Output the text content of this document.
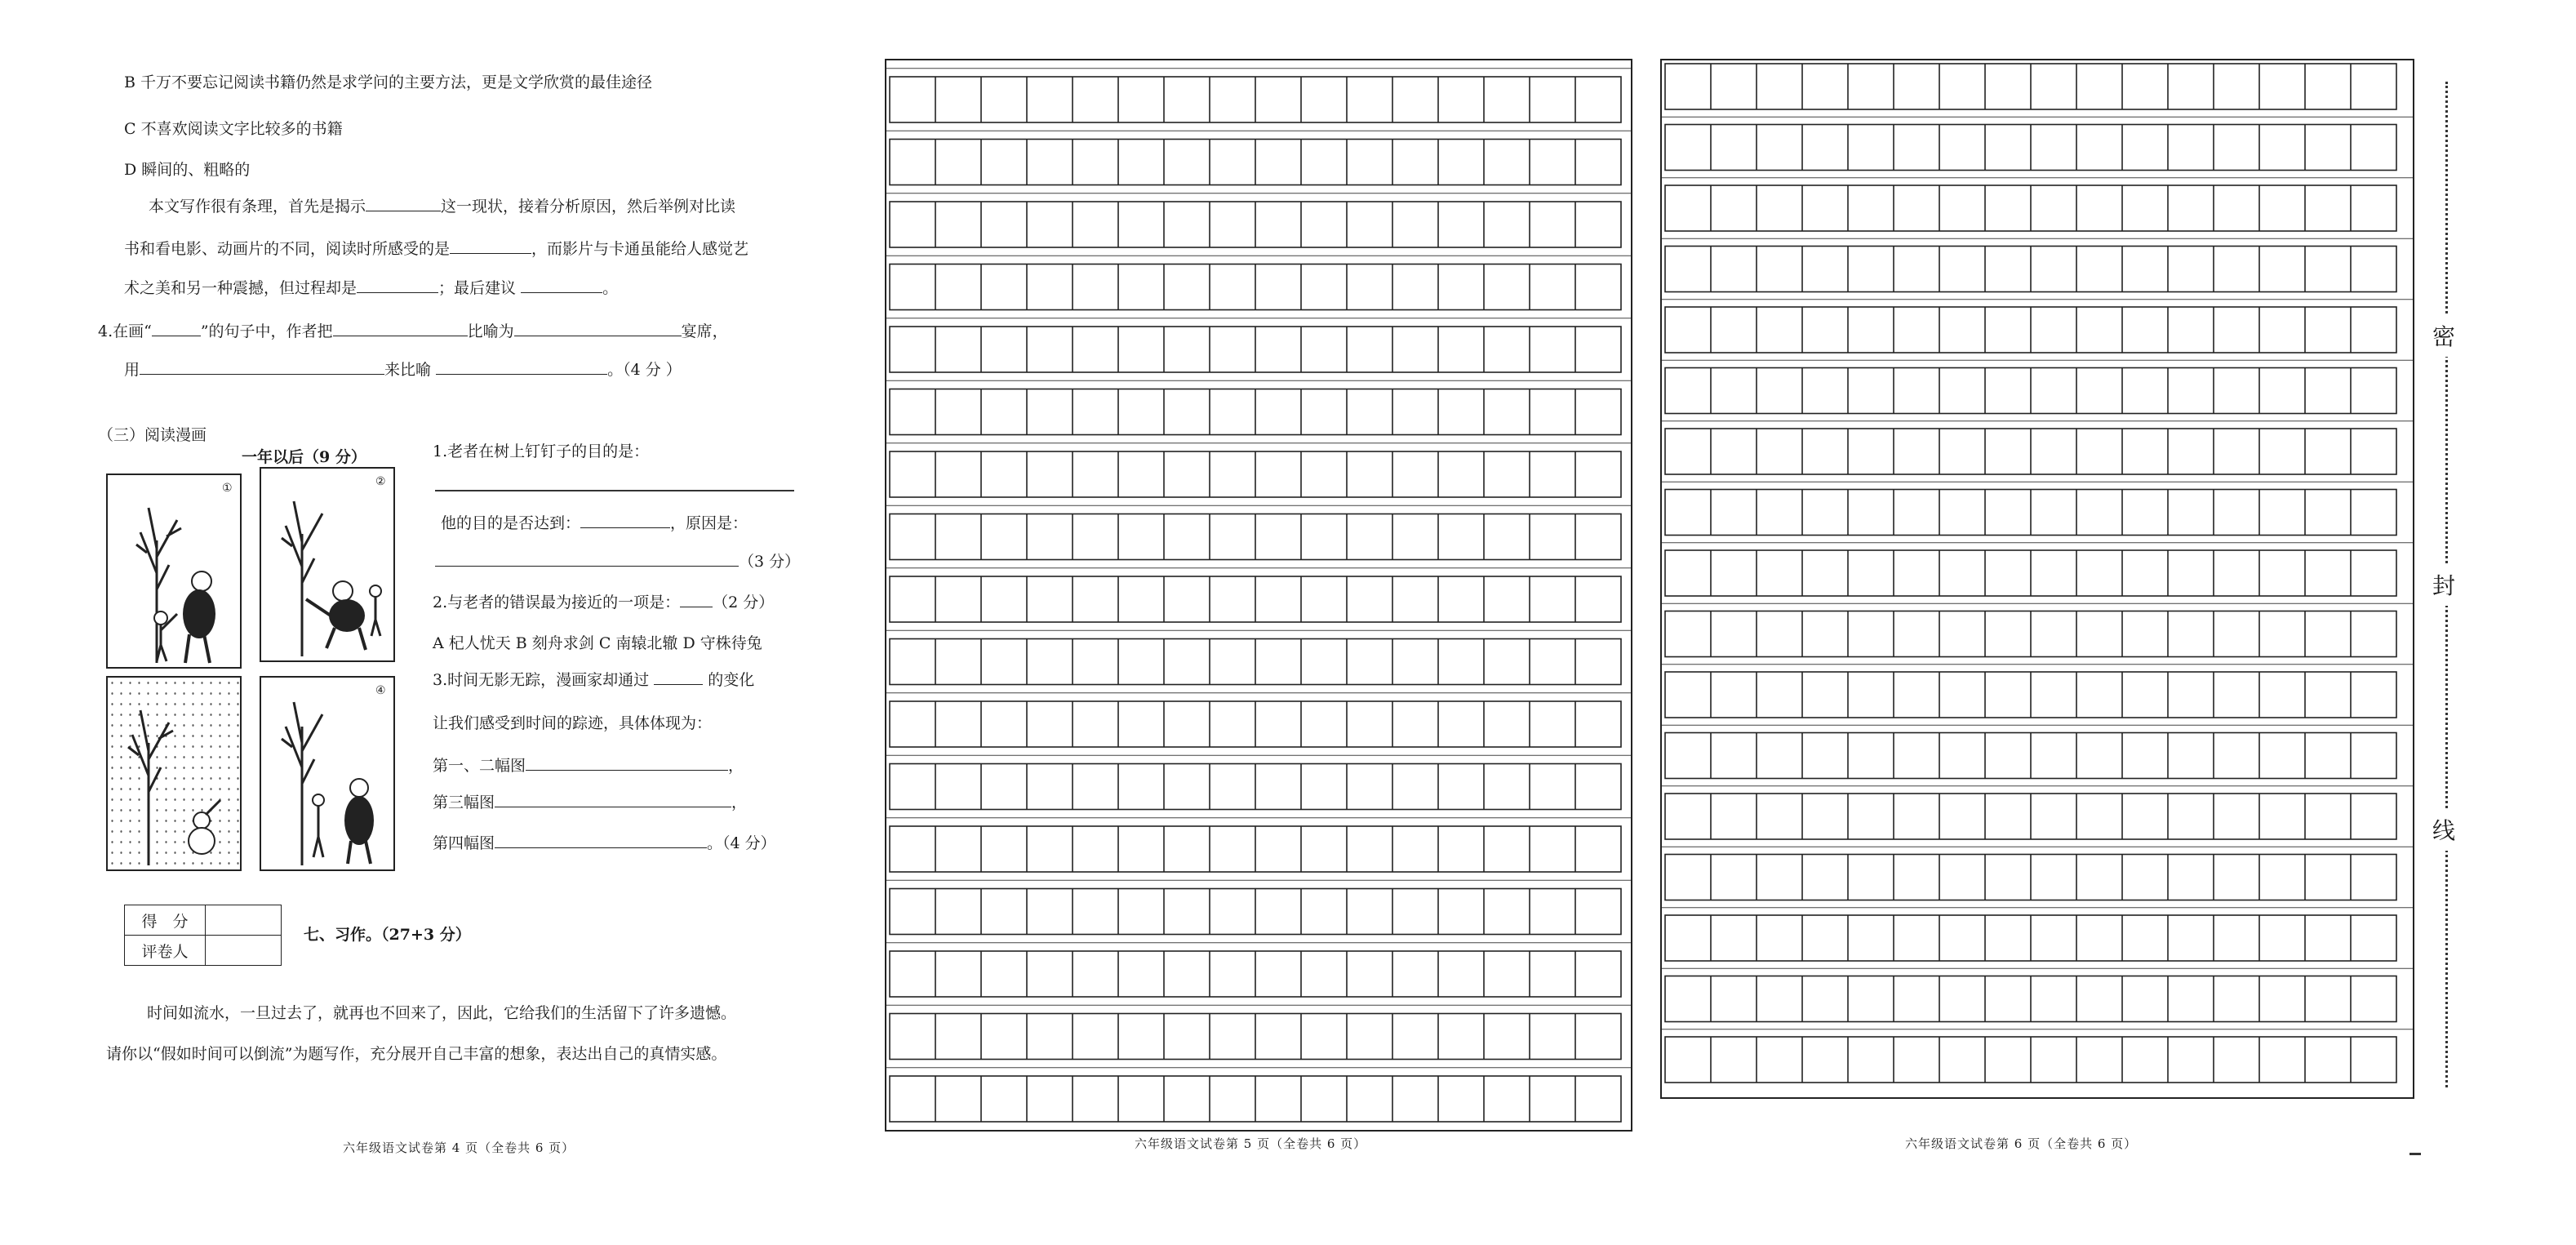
B 千万不要忘记阅读书籍仍然是求学问的主要方法，更是文学欣赏的最佳途径
C 不喜欢阅读文字比较多的书籍
D 瞬间的、粗略的
本文写作很有条理，首先是揭示	这一现状，接着分析原因，然后举例对比读
书和看电影、动画片的不同，阅读时所感受的是	，而影片与卡通虽能给人感觉艺
术之美和另一种震撼，但过程却是	；最后建议	。
4.在画“	”的句子中，作者把	比喻为	宴席，
用	来比喻	。（4 分 ）
（三）阅读漫画
一年以后（9 分）
①	②
④
1.老者在树上钉钉子的目的是：
他的目的是否达到：	，原因是：
（3 分）
2.与老者的错误最为接近的一项是： （2 分）
A 杞人忧天 B 刻舟求剑 C 南辕北辙 D 守株待兔
3.时间无影无踪，漫画家却通过	的变化
让我们感受到时间的踪迹，具体体现为：
第一、二幅图	，
第三幅图	，
第四幅图	。（4 分）
得　分	
评卷人	
七、习作。（27+3 分）
时间如流水，一旦过去了，就再也不回来了，因此，它给我们的生活留下了许多遗憾。
请你以“假如时间可以倒流”为题写作，充分展开自己丰富的想象，表达出自己的真情实感。
六年级语文试卷第 4 页（全卷共 6 页）	六年级语文试卷第 5 页（全卷共 6 页）	六年级语文试卷第 6 页（全卷共 6 页）
密
封
线
